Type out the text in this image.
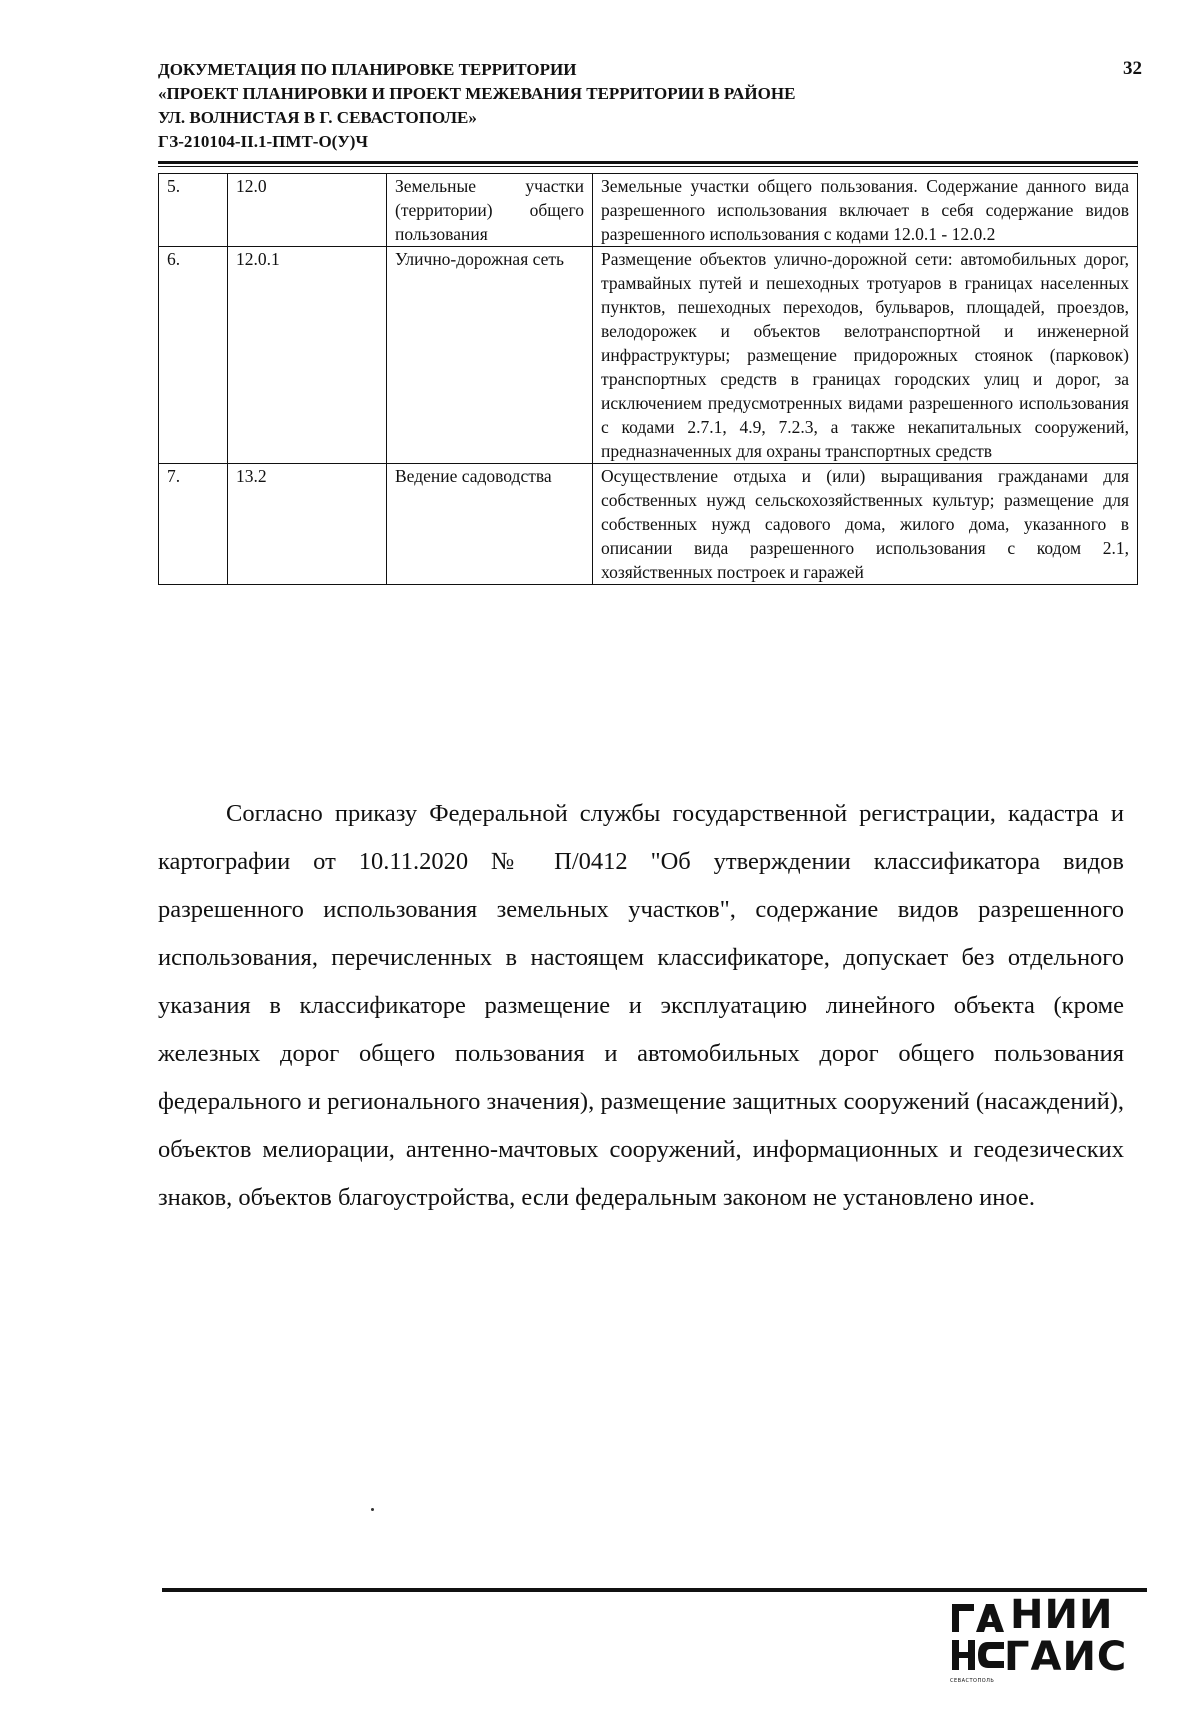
ДОКУМЕТАЦИЯ ПО ПЛАНИРОВКЕ ТЕРРИТОРИИ
«ПРОЕКТ ПЛАНИРОВКИ И ПРОЕКТ МЕЖЕВАНИЯ ТЕРРИТОРИИ В РАЙОНЕ
УЛ. ВОЛНИСТАЯ В Г. СЕВАСТОПОЛЕ»
ГЗ-210104-II.1-ПМТ-О(У)Ч
32
5.	12.0	Земельные участки (территории) общего пользования	Земельные участки общего пользования. Содержание данного вида разрешенного использования включает в себя содержание видов разрешенного использования с кодами 12.0.1 - 12.0.2
6.	12.0.1	Улично-дорожная сеть	Размещение объектов улично-дорожной сети: автомобильных дорог, трамвайных путей и пешеходных тротуаров в границах населенных пунктов, пешеходных переходов, бульваров, площадей, проездов, велодорожек и объектов велотранспортной и инженерной инфраструктуры; размещение придорожных стоянок (парковок) транспортных средств в границах городских улиц и дорог, за исключением предусмотренных видами разрешенного использования с кодами 2.7.1, 4.9, 7.2.3, а также некапитальных сооружений, предназначенных для охраны транспортных средств
7.	13.2	Ведение садоводства	Осуществление отдыха и (или) выращивания гражданами для собственных нужд сельскохозяйственных культур; размещение для собственных нужд садового дома, жилого дома, указанного в описании вида разрешенного использования с кодом 2.1, хозяйственных построек и гаражей
Согласно приказу Федеральной службы государственной регистрации, кадастра и картографии от 10.11.2020 № П/0412 "Об утверждении классификатора видов разрешенного использования земельных участков", содержание видов разрешенного использования, перечисленных в настоящем классификаторе, допускает без отдельного указания в классификаторе размещение и эксплуатацию линейного объекта (кроме железных дорог общего пользования и автомобильных дорог общего пользования федерального и регионального значения), размещение защитных сооружений (насаждений), объектов мелиорации, антенно-мачтовых сооружений, информационных и геодезических знаков, объектов благоустройства, если федеральным законом не установлено иное.
НИИ
ГАИС
СЕВАСТОПОЛЬ
